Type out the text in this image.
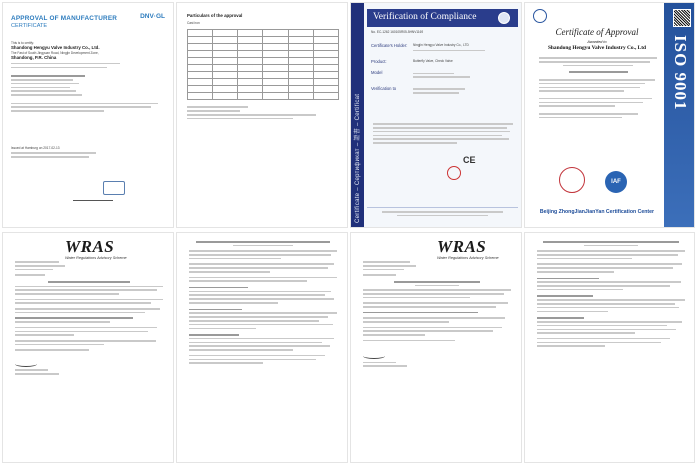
APPROVAL OF MANUFACTURER
CERTIFICATE
DNV·GL
This is to certify:
Shandong Hengyu Valve Industry Co., Ltd.
The Fast of South Jingyuan Road, Ningjin Development Zone,
Shandong, P.R. China
Issued at Hamburg on 2017-02-13
Particulars of the approval
Cast iron

Certificate – Сертификат – 證書 – Certificat
Verification of Compliance
No. EC-1262 160105R05-5HNV1169
Certificate's Holder:	Ningjin Hengyu Valve Industry Co., LTD
Product:	Butterfly Valve, Check Valve
Model
Verification to
CE
Certificate of Approval
Awarded to
Shandong Hengyu Valve Industry Co., Ltd
IAF
Beijing ZhongJianJianYan Certification Center
ISO 9001
WRAS
Water Regulations Advisory Scheme
WRAS
Water Regulations Advisory Scheme
